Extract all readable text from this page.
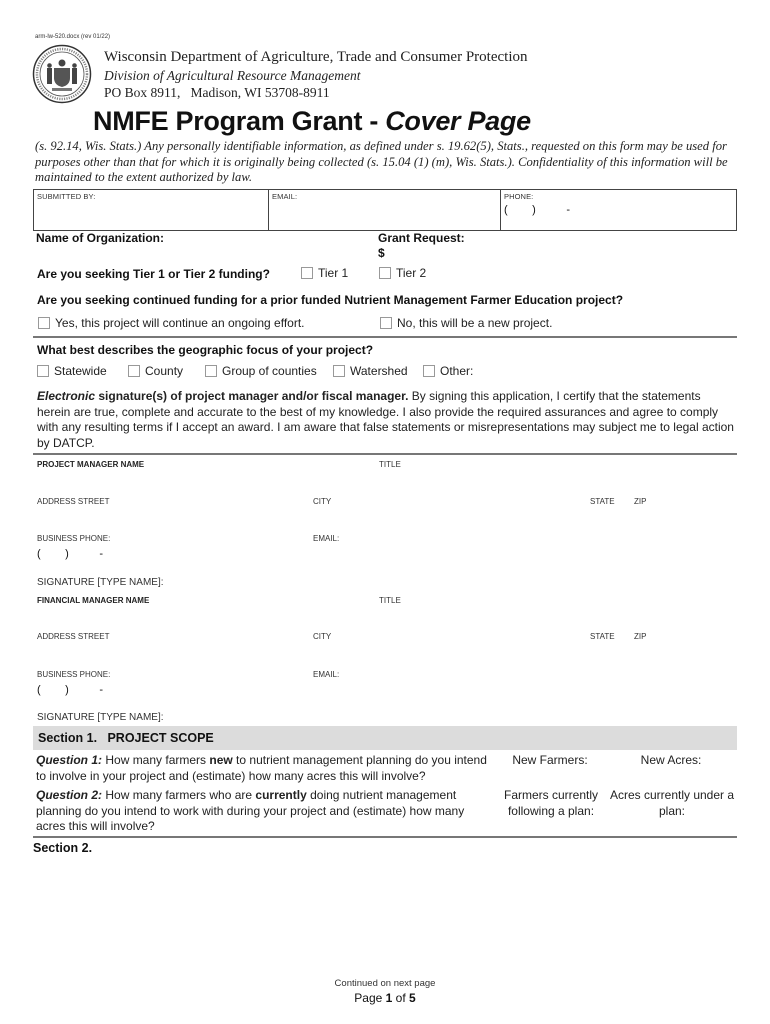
arm-lw-520.docx (rev 01/22)
Wisconsin Department of Agriculture, Trade and Consumer Protection
Division of Agricultural Resource Management
PO Box 8911,   Madison, WI 53708-8911
NMFE Program Grant - Cover Page
(s. 92.14, Wis. Stats.) Any personally identifiable information, as defined under s. 19.62(5), Stats., requested on this form may be used for purposes other than that for which it is originally being collected (s. 15.04 (1) (m), Wis. Stats.). Confidentiality of this information will be maintained to the extent authorized by law.
SUBMITTED BY:	EMAIL:	PHONE:
(        )          -
Name of Organization:	Grant Request:
$
Are you seeking Tier 1 or Tier 2 funding?	Tier 1	Tier 2
Are you seeking continued funding for a prior funded Nutrient Management Farmer Education project?
Yes, this project will continue an ongoing effort.	No, this will be a new project.
What best describes the geographic focus of your project?
Statewide	County	Group of counties	Watershed	Other:
Electronic signature(s) of project manager and/or fiscal manager. By signing this application, I certify that the statements herein are true, complete and accurate to the best of my knowledge. I also provide the required assurances and agree to comply with any resulting terms if I accept an award. I am aware that false statements or misrepresentations may subject me to legal action by DATCP.
PROJECT MANAGER NAME	TITLE
ADDRESS STREET	CITY	STATE ZIP
BUSINESS PHONE:
(        )          -
EMAIL:
SIGNATURE [TYPE NAME]:
FINANCIAL MANAGER NAME	TITLE
ADDRESS STREET	CITY	STATE ZIP
BUSINESS PHONE:
(        )          -
EMAIL:
SIGNATURE [TYPE NAME]:
Section 1.   PROJECT SCOPE
Question 1: How many farmers new to nutrient management planning do you intend to involve in your project and (estimate) how many acres this will involve?
New Farmers:	New Acres:
Question 2: How many farmers who are currently doing nutrient management planning do you intend to work with during your project and (estimate) how many acres this will involve?
Farmers currently following a plan:
Acres currently under a plan:
Section 2.
Continued on next page
Page 1 of 5
